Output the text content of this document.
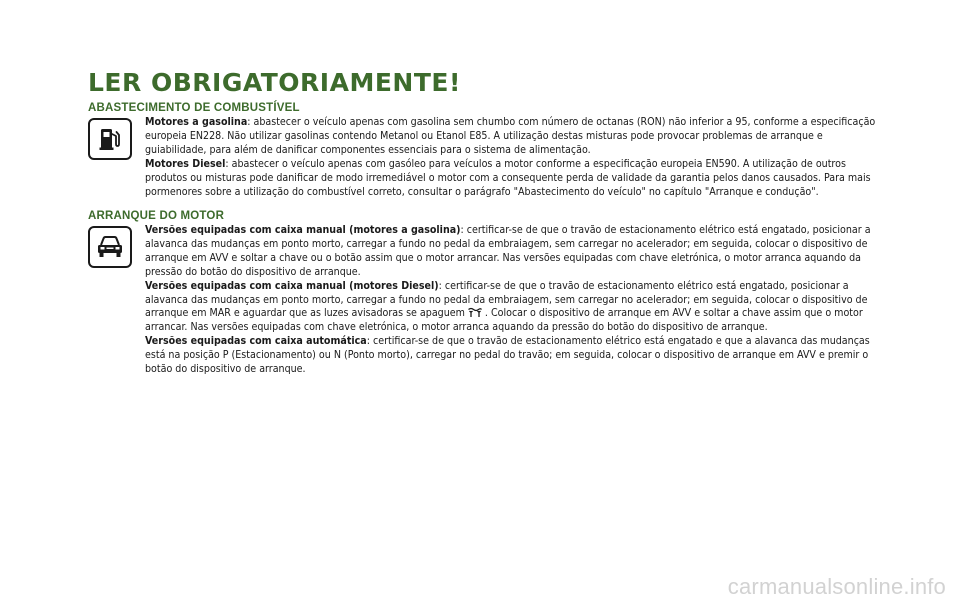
LER OBRIGATORIAMENTE!
ABASTECIMENTO DE COMBUSTÍVEL

Motores a gasolina: abastecer o veículo apenas com gasolina sem chumbo com número de octanas (RON) não inferior a 95, conforme a especificação europeia EN228. Não utilizar gasolinas contendo Metanol ou Etanol E85. A utilização destas misturas pode provocar problemas de arranque e guiabilidade, para além de danificar componentes essenciais para o sistema de alimentação.

Motores Diesel: abastecer o veículo apenas com gasóleo para veículos a motor conforme a especificação europeia EN590. A utilização de outros produtos ou misturas pode danificar de modo irremediável o motor com a consequente perda de validade da garantia pelos danos causados. Para mais pormenores sobre a utilização do combustível correto, consultar o parágrafo "Abastecimento do veículo" no capítulo "Arranque e condução".

ARRANQUE DO MOTOR

Versões equipadas com caixa manual (motores a gasolina): certificar-se de que o travão de estacionamento elétrico está engatado, posicionar a alavanca das mudanças em ponto morto, carregar a fundo no pedal da embraiagem, sem carregar no acelerador; em seguida, colocar o dispositivo de arranque em AVV e soltar a chave ou o botão assim que o motor arrancar. Nas versões equipadas com chave eletrónica, o motor arranca aquando da pressão do botão do dispositivo de arranque.

Versões equipadas com caixa manual (motores Diesel): certificar-se de que o travão de estacionamento elétrico está engatado, posicionar a alavanca das mudanças em ponto morto, carregar a fundo no pedal da embraiagem, sem carregar no acelerador; em seguida, colocar o dispositivo de arranque em MAR e aguardar que as luzes avisadoras se apaguem . Colocar o dispositivo de arranque em AVV e soltar a chave assim que o motor arrancar. Nas versões equipadas com chave eletrónica, o motor arranca aquando da pressão do botão do dispositivo de arranque.

Versões equipadas com caixa automática: certificar-se de que o travão de estacionamento elétrico está engatado e que a alavanca das mudanças está na posição P (Estacionamento) ou N (Ponto morto), carregar no pedal do travão; em seguida, colocar o dispositivo de arranque em AVV e premir o botão do dispositivo de arranque.

carmanualsonline.info
